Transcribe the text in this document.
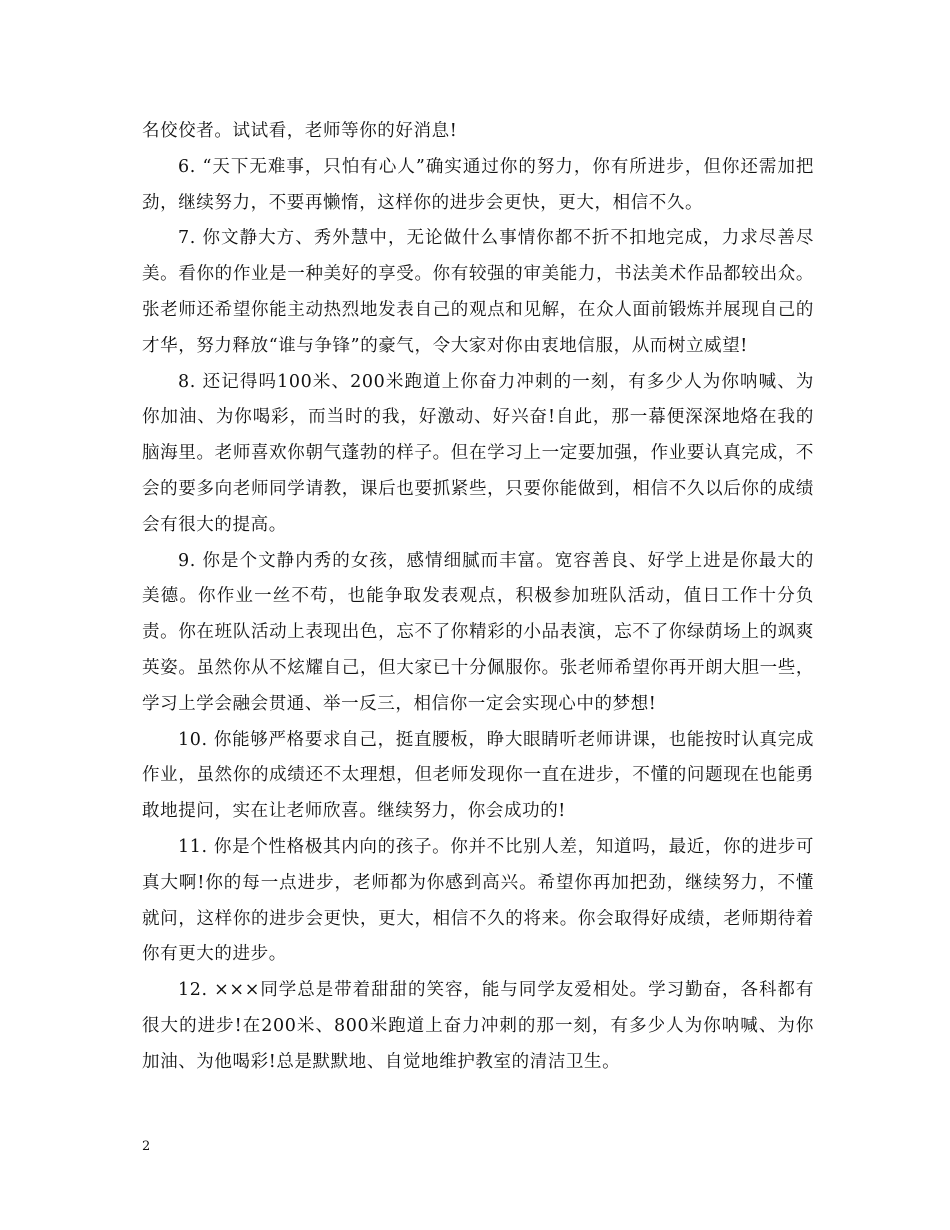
名佼佼者。试试看，老师等你的好消息!

6. “天下无难事，只怕有心人”确实通过你的努力，你有所进步，但你还需加把劲，继续努力，不要再懒惰，这样你的进步会更快，更大，相信不久。

7. 你文静大方、秀外慧中，无论做什么事情你都不折不扣地完成，力求尽善尽美。看你的作业是一种美好的享受。你有较强的审美能力，书法美术作品都较出众。张老师还希望你能主动热烈地发表自己的观点和见解，在众人面前锻炼并展现自己的才华，努力释放“谁与争锋”的豪气，令大家对你由衷地信服，从而树立威望!

8. 还记得吗100米、200米跑道上你奋力冲刺的一刻，有多少人为你呐喊、为你加油、为你喝彩，而当时的我，好激动、好兴奋!自此，那一幕便深深地烙在我的脑海里。老师喜欢你朝气蓬勃的样子。但在学习上一定要加强，作业要认真完成，不会的要多向老师同学请教，课后也要抓紧些，只要你能做到，相信不久以后你的成绩会有很大的提高。

9. 你是个文静内秀的女孩，感情细腻而丰富。宽容善良、好学上进是你最大的美德。你作业一丝不苟，也能争取发表观点，积极参加班队活动，值日工作十分负责。你在班队活动上表现出色，忘不了你精彩的小品表演，忘不了你绿荫场上的飒爽英姿。虽然你从不炫耀自己，但大家已十分佩服你。张老师希望你再开朗大胆一些，学习上学会融会贯通、举一反三，相信你一定会实现心中的梦想!

10. 你能够严格要求自己，挺直腰板，睁大眼睛听老师讲课，也能按时认真完成作业，虽然你的成绩还不太理想，但老师发现你一直在进步，不懂的问题现在也能勇敢地提问，实在让老师欣喜。继续努力，你会成功的!

11. 你是个性格极其内向的孩子。你并不比别人差，知道吗，最近，你的进步可真大啊!你的每一点进步，老师都为你感到高兴。希望你再加把劲，继续努力，不懂就问，这样你的进步会更快，更大，相信不久的将来。你会取得好成绩，老师期待着你有更大的进步。

12. ×××同学总是带着甜甜的笑容，能与同学友爱相处。学习勤奋，各科都有很大的进步!在200米、800米跑道上奋力冲刺的那一刻，有多少人为你呐喊、为你加油、为他喝彩!总是默默地、自觉地维护教室的清洁卫生。

2
